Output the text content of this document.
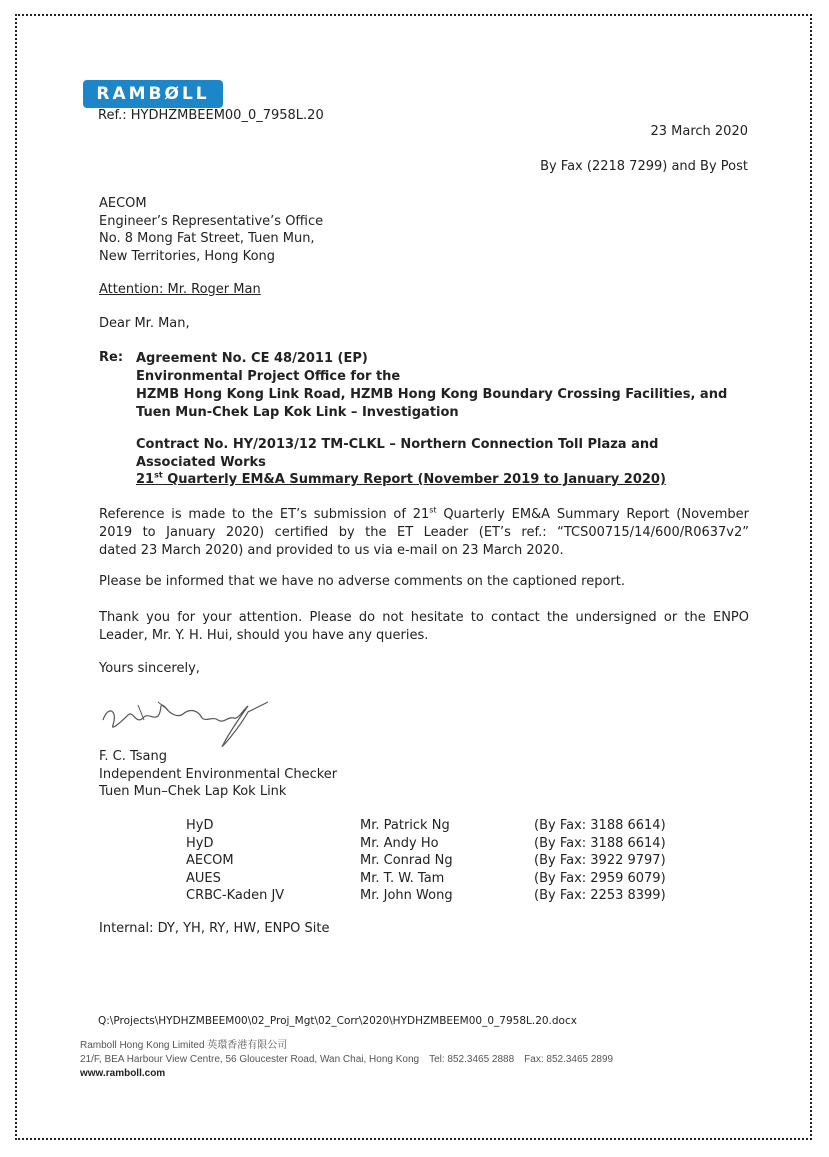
RAMBØLL
Ref.: HYDHZMBEEM00_0_7958L.20
23 March 2020
By Fax (2218 7299) and By Post
AECOM
Engineer’s Representative’s Office
No. 8 Mong Fat Street, Tuen Mun,
New Territories, Hong Kong
Attention: Mr. Roger Man
Dear Mr. Man,
Re: Agreement No. CE 48/2011 (EP)
Environmental Project Office for the
HZMB Hong Kong Link Road, HZMB Hong Kong Boundary Crossing Facilities, and
Tuen Mun-Chek Lap Kok Link – Investigation
Contract No. HY/2013/12 TM-CLKL – Northern Connection Toll Plaza and
Associated Works
21st Quarterly EM&A Summary Report (November 2019 to January 2020)
Reference is made to the ET’s submission of 21st Quarterly EM&A Summary Report (November
2019 to January 2020) certified by the ET Leader (ET’s ref.: “TCS00715/14/600/R0637v2”
dated 23 March 2020) and provided to us via e-mail on 23 March 2020.
Please be informed that we have no adverse comments on the captioned report.
Thank you for your attention. Please do not hesitate to contact the undersigned or the ENPO
Leader, Mr. Y. H. Hui, should you have any queries.
Yours sincerely,
F. C. Tsang
Independent Environmental Checker
Tuen Mun–Chek Lap Kok Link
HyD	Mr. Patrick Ng	(By Fax: 3188 6614)
HyD	Mr. Andy Ho	(By Fax: 3188 6614)
AECOM	Mr. Conrad Ng	(By Fax: 3922 9797)
AUES	Mr. T. W. Tam	(By Fax: 2959 6079)
CRBC-Kaden JV	Mr. John Wong	(By Fax: 2253 8399)
Internal: DY, YH, RY, HW, ENPO Site
Q:\Projects\HYDHZMBEEM00\02_Proj_Mgt\02_Corr\2020\HYDHZMBEEM00_0_7958L.20.docx
Ramboll Hong Kong Limited 英環香港有限公司
21/F, BEA Harbour View Centre, 56 Gloucester Road, Wan Chai, Hong Kong Tel: 852.3465 2888 Fax: 852.3465 2899
www.ramboll.com
